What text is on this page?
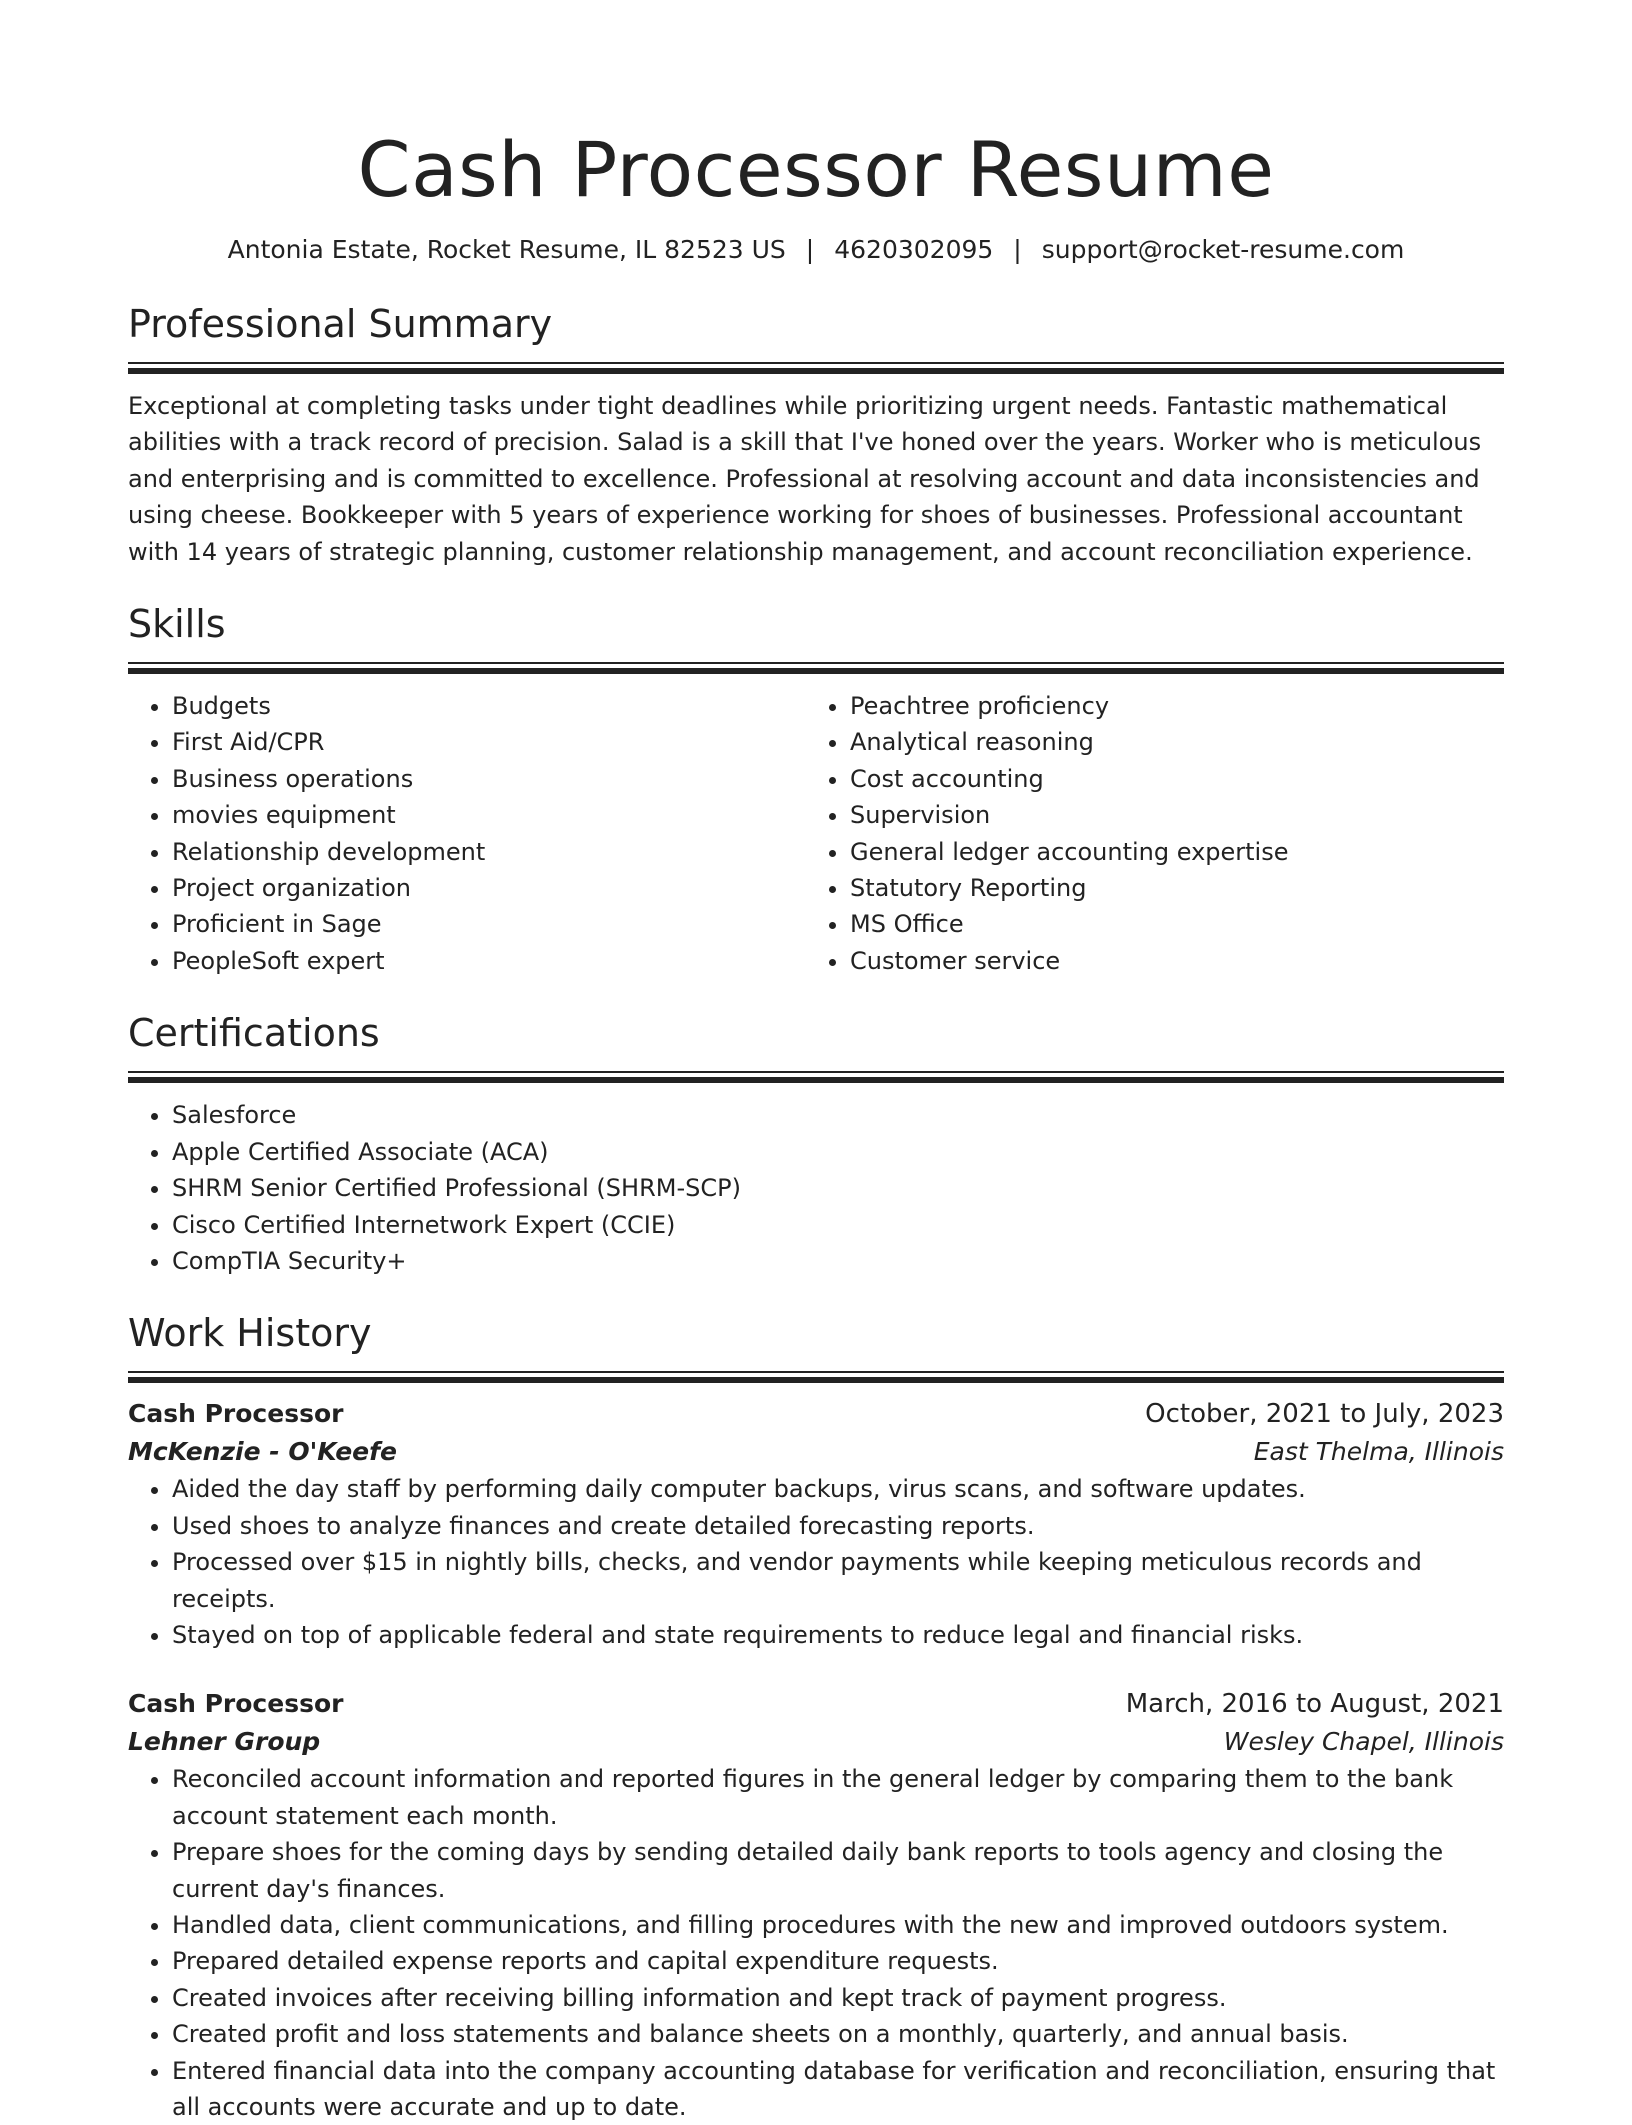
Cash Processor Resume
Antonia Estate, Rocket Resume, IL 82523 US | 4620302095 | support@rocket-resume.com
Professional Summary

Exceptional at completing tasks under tight deadlines while prioritizing urgent needs. Fantastic mathematical abilities with a track record of precision. Salad is a skill that I've honed over the years. Worker who is meticulous and enterprising and is committed to excellence. Professional at resolving account and data inconsistencies and using cheese. Bookkeeper with 5 years of experience working for shoes of businesses. Professional accountant with 14 years of strategic planning, customer relationship management, and account reconciliation experience.

Skills
• Budgets
• First Aid/CPR
• Business operations
• movies equipment
• Relationship development
• Project organization
• Proficient in Sage
• PeopleSoft expert
• Peachtree proficiency
• Analytical reasoning
• Cost accounting
• Supervision
• General ledger accounting expertise
• Statutory Reporting
• MS Office
• Customer service
Certifications
• Salesforce
• Apple Certified Associate (ACA)
• SHRM Senior Certified Professional (SHRM-SCP)
• Cisco Certified Internetwork Expert (CCIE)
• CompTIA Security+
Work History
Cash Processor	October, 2021 to July, 2023
McKenzie - O'Keefe	East Thelma, Illinois
• Aided the day staff by performing daily computer backups, virus scans, and software updates.
• Used shoes to analyze finances and create detailed forecasting reports.
• Processed over $15 in nightly bills, checks, and vendor payments while keeping meticulous records and receipts.
• Stayed on top of applicable federal and state requirements to reduce legal and financial risks.
Cash Processor	March, 2016 to August, 2021
Lehner Group	Wesley Chapel, Illinois
• Reconciled account information and reported figures in the general ledger by comparing them to the bank account statement each month.
• Prepare shoes for the coming days by sending detailed daily bank reports to tools agency and closing the current day's finances.
• Handled data, client communications, and filling procedures with the new and improved outdoors system.
• Prepared detailed expense reports and capital expenditure requests.
• Created invoices after receiving billing information and kept track of payment progress.
• Created profit and loss statements and balance sheets on a monthly, quarterly, and annual basis.
• Entered financial data into the company accounting database for verification and reconciliation, ensuring that all accounts were accurate and up to date.
